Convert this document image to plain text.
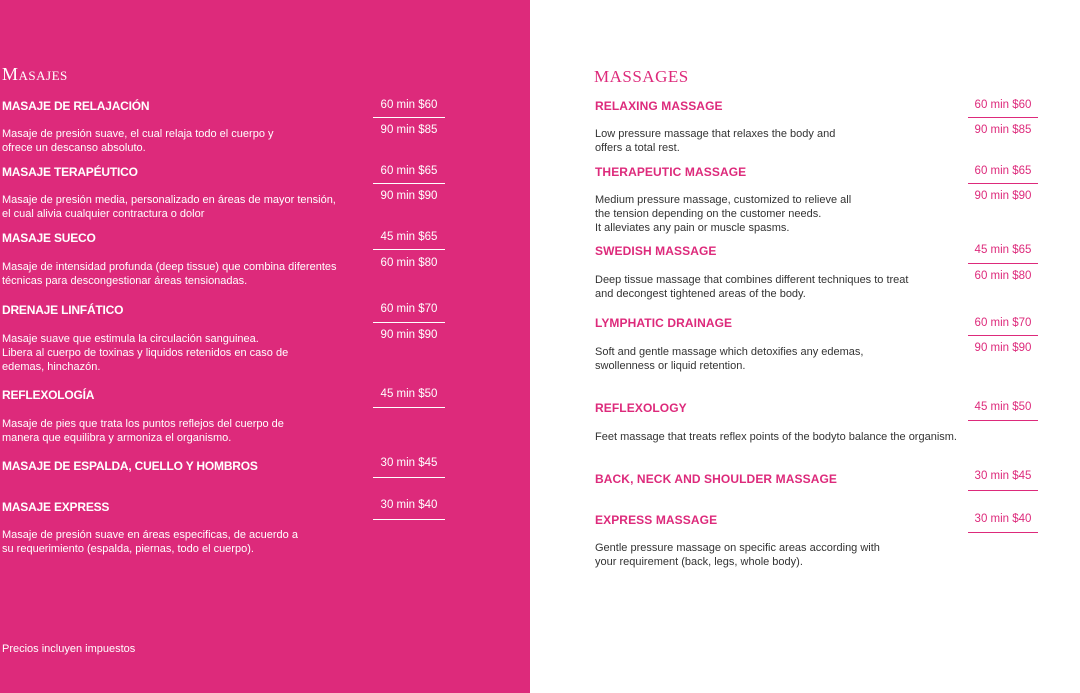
Masajes
MASAJE DE RELAJACIÓN
Masaje de presión suave, el cual relaja todo el cuerpo y
ofrece un descanso absoluto.
60 min $60
90 min $85
MASAJE TERAPÉUTICO
Masaje de presión media, personalizado en áreas de mayor tensión,
el cual alivia cualquier contractura o dolor
60 min $65
90 min $90
MASAJE SUECO
Masaje de intensidad profunda (deep tissue) que combina diferentes
técnicas para descongestionar áreas tensionadas.
45 min $65
60 min $80
DRENAJE LINFÁTICO
Masaje suave que estimula la circulación sanguinea.
Libera al cuerpo de toxinas y liquidos retenidos en caso de
edemas, hinchazón.
60 min $70
90 min $90
REFLEXOLOGÍA
Masaje de pies que trata los puntos reflejos del cuerpo de
manera que equilibra y armoniza el organismo.
45 min $50
MASAJE DE ESPALDA, CUELLO Y HOMBROS	30 min $45
MASAJE EXPRESS
Masaje de presión suave en áreas especificas, de acuerdo a
su requerimiento (espalda, piernas, todo el cuerpo).
30 min $40
Precios incluyen impuestos
MASSAGES
RELAXING MASSAGE
Low pressure massage that relaxes the body and
offers a total rest.
60 min $60
90 min $85
THERAPEUTIC MASSAGE
Medium pressure massage, customized to relieve all
the tension depending on the customer needs.
It alleviates any pain or muscle spasms.
60 min $65
90 min $90
SWEDISH MASSAGE
Deep tissue massage that combines different techniques to treat
and decongest tightened areas of the body.
45 min $65
60 min $80
LYMPHATIC DRAINAGE
Soft and gentle massage which detoxifies any edemas,
swollenness or liquid retention.
60 min $70
90 min $90
REFLEXOLOGY
Feet massage that treats reflex points of the bodyto balance the organism.
45 min $50
BACK, NECK AND SHOULDER MASSAGE	30 min $45
EXPRESS MASSAGE
Gentle pressure massage on specific areas according with
your requirement (back, legs, whole body).
30 min $40
